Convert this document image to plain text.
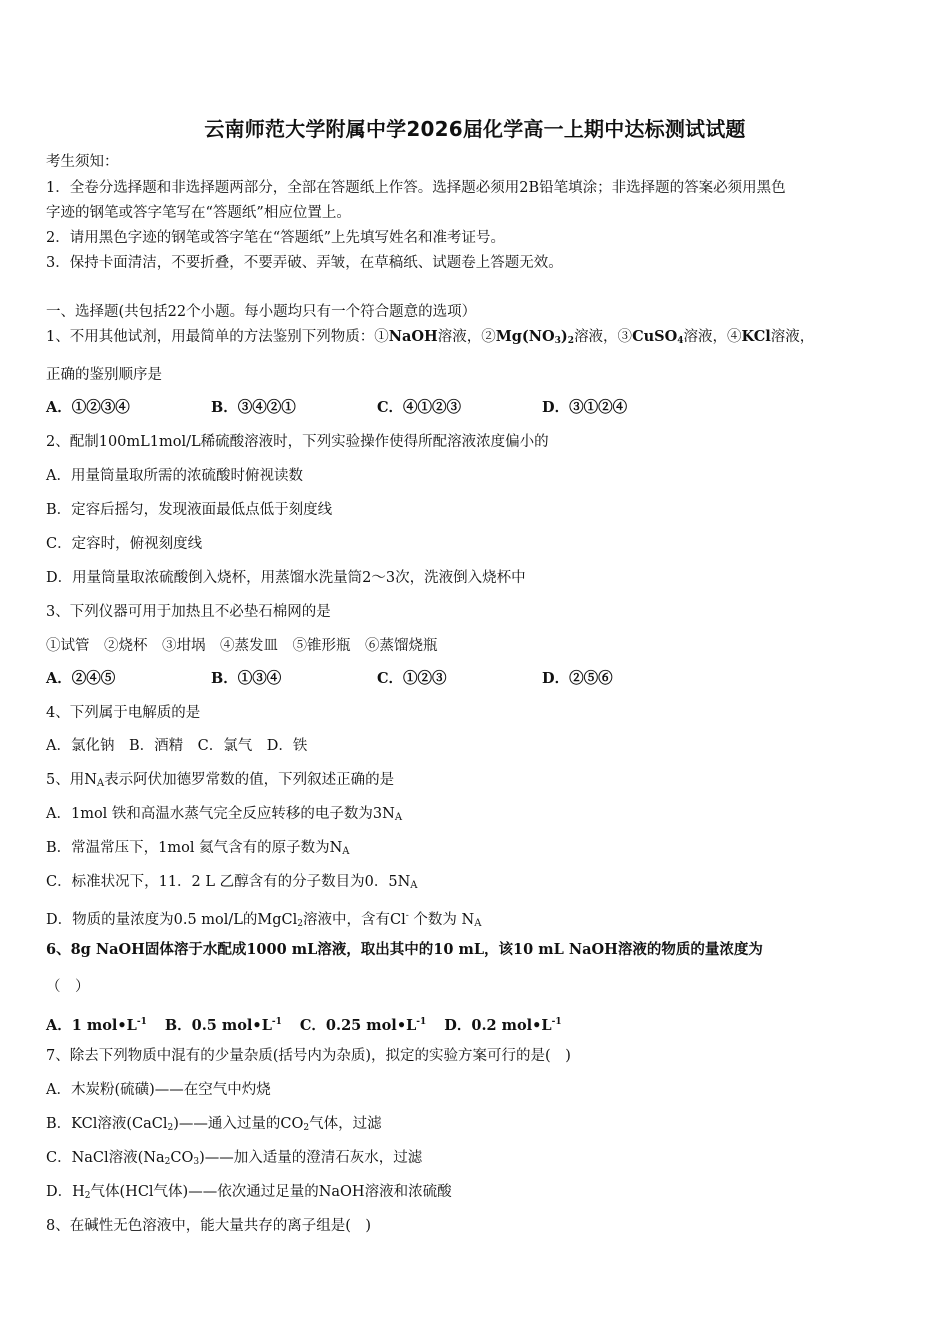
云南师范大学附属中学2026届化学高一上期中达标测试试题
考生须知：
1．全卷分选择题和非选择题两部分，全部在答题纸上作答。选择题必须用2B铅笔填涂；非选择题的答案必须用黑色
字迹的钢笔或答字笔写在“答题纸”相应位置上。
2．请用黑色字迹的钢笔或答字笔在“答题纸”上先填写姓名和准考证号。
3．保持卡面清洁，不要折叠，不要弄破、弄皱，在草稿纸、试题卷上答题无效。
一、选择题(共包括22个小题。每小题均只有一个符合题意的选项）
1、不用其他试剂，用最简单的方法鉴别下列物质：①NaOH溶液，$②Mg(NO_3)_2$溶液，③CuSO$_4$溶液，④KCl溶液，
正确的鉴别顺序是
A．①②③④	B．③④②①	C．④①②③	D．③①②④
2、配制100mL1mol/L稀硫酸溶液时，下列实验操作使得所配溶液浓度偏小的
A．用量筒量取所需的浓硫酸时俯视读数
B．定容后摇匀，发现液面最低点低于刻度线
C．定容时，俯视刻度线
D．用量筒量取浓硫酸倒入烧杯，用蒸馏水洗量筒2～3次，洗液倒入烧杯中
3、下列仪器可用于加热且不必垫石棉网的是
①试管　②烧杯　③坩埚　④蒸发皿　⑤锥形瓶　⑥蒸馏烧瓶
A．②④⑤	B．①③④	C．①②③	D．②⑤⑥
4、下列属于电解质的是
A．氯化钠　B．酒精　C．氯气　D．铁
5、用NA表示阿伏加德罗常数的值，下列叙述正确的是
A．1mol 铁和高温水蒸气完全反应转移的电子数为3NA
B．常温常压下，1mol 氦气含有的原子数为NA
C．标准状况下，11．2 L 乙醇含有的分子数目为0．5NA
D．物质的量浓度为0.5 mol/L的MgCl$_2$溶液中，含有Cl- 个数为 NA
6、8g NaOH固体溶于水配成1000 mL溶液，取出其中的10 mL，该10 mL NaOH溶液的物质的量浓度为
（　）
A．1 $mol•L^{-1}$ B．0.5 $mol•L^{-1}$ C．0.25 $mol•L^{-1}$ D．0.2 $mol•L^{-1}$
7、除去下列物质中混有的少量杂质(括号内为杂质)，拟定的实验方案可行的是(　)
A．木炭粉(硫磺)——在空气中灼烧
B．KCl溶液(CaCl$_2$)——通入过量的$CO_2$气体，过滤
C．NaCl溶液$(Na_2CO_3)——$加入适量的澄清石灰水，过滤
D．$H_2$气体(HCl气体)——依次通过足量的NaOH溶液和浓硫酸
8、在碱性无色溶液中，能大量共存的离子组是(　)
